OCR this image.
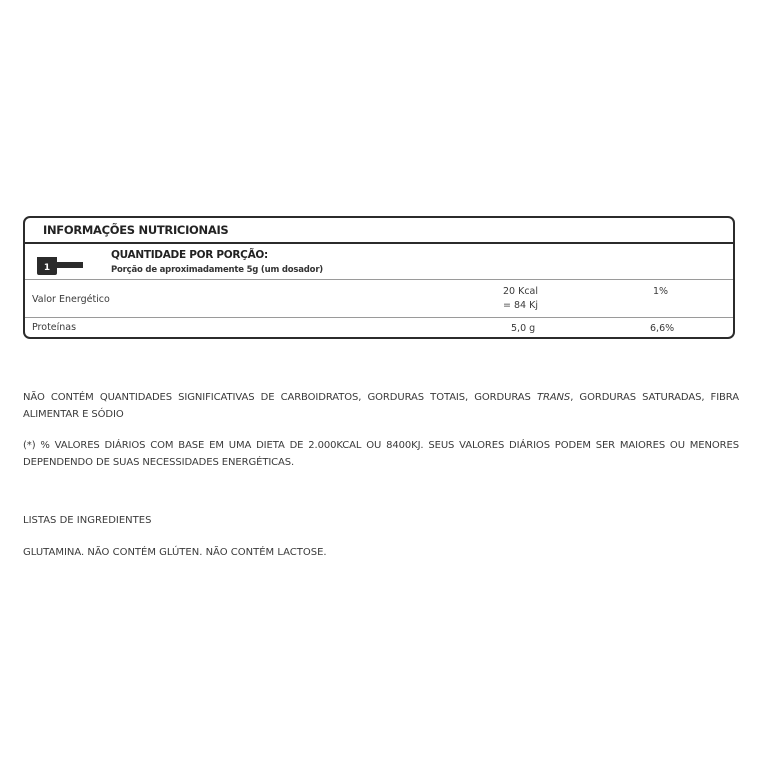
INFORMAÇÕES NUTRICIONAIS
1
QUANTIDADE POR PORÇÃO:
Porção de aproximadamente 5g (um dosador)
Valor Energético
20 Kcal
= 84 Kj
1%
Proteínas	5,0 g	6,6%

NÃO CONTÉM QUANTIDADES SIGNIFICATIVAS DE CARBOIDRATOS, GORDURAS TOTAIS, GORDURAS TRANS, GORDURAS SATURADAS, FIBRA
ALIMENTAR E SÓDIO

(*) % VALORES DIÁRIOS COM BASE EM UMA DIETA DE 2.000KCAL OU 8400KJ. SEUS VALORES DIÁRIOS PODEM SER MAIORES OU MENORES
DEPENDENDO DE SUAS NECESSIDADES ENERGÉTICAS.

LISTAS DE INGREDIENTES

GLUTAMINA. NÃO CONTÉM GLÚTEN. NÃO CONTÉM LACTOSE.
